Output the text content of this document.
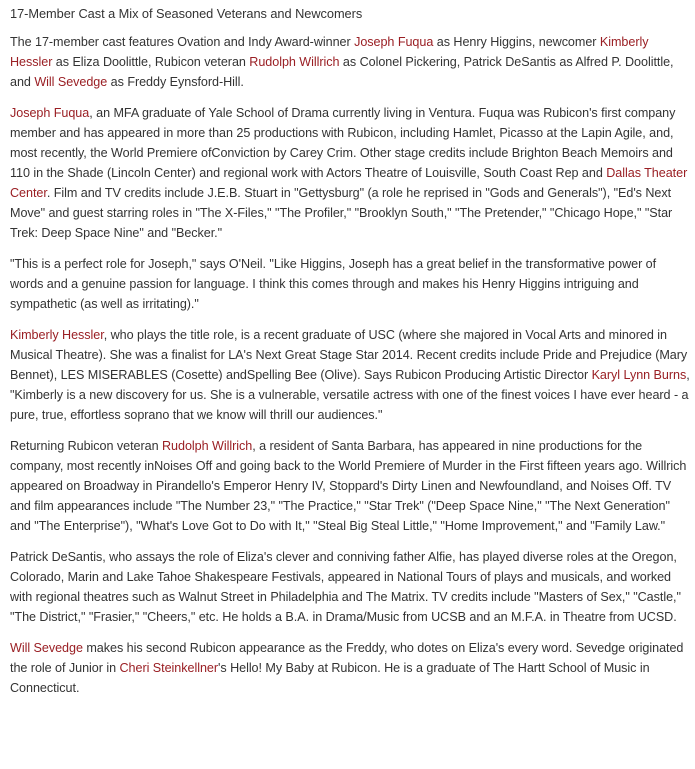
17-Member Cast a Mix of Seasoned Veterans and Newcomers

The 17-member cast features Ovation and Indy Award-winner Joseph Fuqua as Henry Higgins, newcomer Kimberly Hessler as Eliza Doolittle, Rubicon veteran Rudolph Willrich as Colonel Pickering, Patrick DeSantis as Alfred P. Doolittle, and Will Sevedge as Freddy Eynsford-Hill.

Joseph Fuqua, an MFA graduate of Yale School of Drama currently living in Ventura. Fuqua was Rubicon's first company member and has appeared in more than 25 productions with Rubicon, including Hamlet, Picasso at the Lapin Agile, and, most recently, the World Premiere ofConviction by Carey Crim. Other stage credits include Brighton Beach Memoirs and 110 in the Shade (Lincoln Center) and regional work with Actors Theatre of Louisville, South Coast Rep and Dallas Theater Center. Film and TV credits include J.E.B. Stuart in "Gettysburg" (a role he reprised in "Gods and Generals"), "Ed's Next Move" and guest starring roles in "The X-Files," "The Profiler," "Brooklyn South," "The Pretender," "Chicago Hope," "Star Trek: Deep Space Nine" and "Becker."

"This is a perfect role for Joseph," says O'Neil. "Like Higgins, Joseph has a great belief in the transformative power of words and a genuine passion for language. I think this comes through and makes his Henry Higgins intriguing and sympathetic (as well as irritating)."

Kimberly Hessler, who plays the title role, is a recent graduate of USC (where she majored in Vocal Arts and minored in Musical Theatre). She was a finalist for LA's Next Great Stage Star 2014. Recent credits include Pride and Prejudice (Mary Bennet), LES MISERABLES (Cosette) andSpelling Bee (Olive). Says Rubicon Producing Artistic Director Karyl Lynn Burns, "Kimberly is a new discovery for us. She is a vulnerable, versatile actress with one of the finest voices I have ever heard - a pure, true, effortless soprano that we know will thrill our audiences."

Returning Rubicon veteran Rudolph Willrich, a resident of Santa Barbara, has appeared in nine productions for the company, most recently inNoises Off and going back to the World Premiere of Murder in the First fifteen years ago. Willrich appeared on Broadway in Pirandello's Emperor Henry IV, Stoppard's Dirty Linen and Newfoundland, and Noises Off. TV and film appearances include "The Number 23," "The Practice," "Star Trek" ("Deep Space Nine," "The Next Generation" and "The Enterprise"), "What's Love Got to Do with It," "Steal Big Steal Little," "Home Improvement," and "Family Law."

Patrick DeSantis, who assays the role of Eliza's clever and conniving father Alfie, has played diverse roles at the Oregon, Colorado, Marin and Lake Tahoe Shakespeare Festivals, appeared in National Tours of plays and musicals, and worked with regional theatres such as Walnut Street in Philadelphia and The Matrix. TV credits include "Masters of Sex," "Castle," "The District," "Frasier," "Cheers," etc. He holds a B.A. in Drama/Music from UCSB and an M.F.A. in Theatre from UCSD.

Will Sevedge makes his second Rubicon appearance as the Freddy, who dotes on Eliza's every word. Sevedge originated the role of Junior in Cheri Steinkellner's Hello! My Baby at Rubicon. He is a graduate of The Hartt School of Music in Connecticut.
